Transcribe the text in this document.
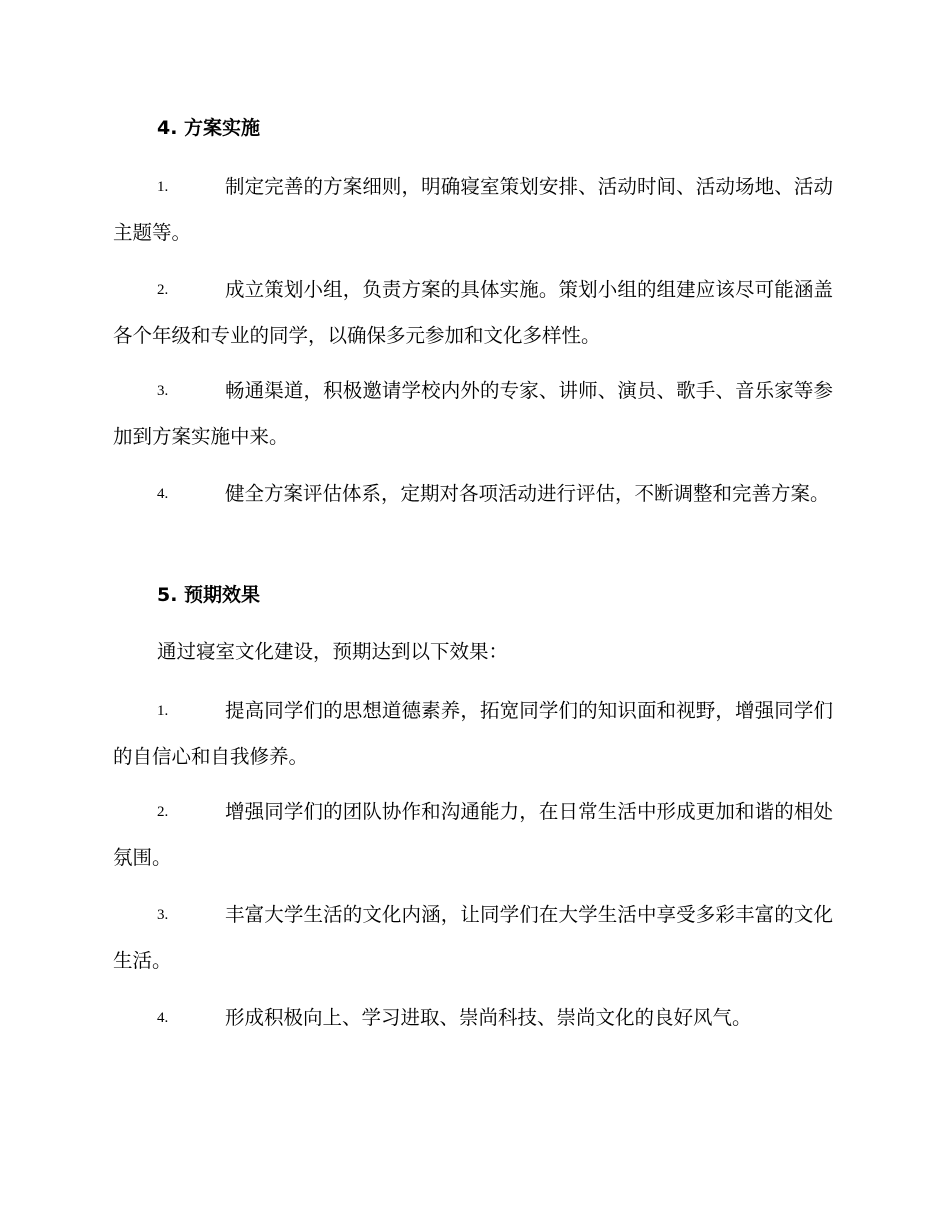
4. 方案实施
1.	制定完善的方案细则，明确寝室策划安排、活动时间、活动场地、活动主题等。
2.	成立策划小组，负责方案的具体实施。策划小组的组建应该尽可能涵盖各个年级和专业的同学，以确保多元参加和文化多样性。
3.	畅通渠道，积极邀请学校内外的专家、讲师、演员、歌手、音乐家等参加到方案实施中来。
4.	健全方案评估体系，定期对各项活动进行评估，不断调整和完善方案。
5. 预期效果
通过寝室文化建设，预期达到以下效果：
1.	提高同学们的思想道德素养，拓宽同学们的知识面和视野，增强同学们的自信心和自我修养。
2.	增强同学们的团队协作和沟通能力，在日常生活中形成更加和谐的相处氛围。
3.	丰富大学生活的文化内涵，让同学们在大学生活中享受多彩丰富的文化生活。
4.	形成积极向上、学习进取、崇尚科技、崇尚文化的良好风气。
